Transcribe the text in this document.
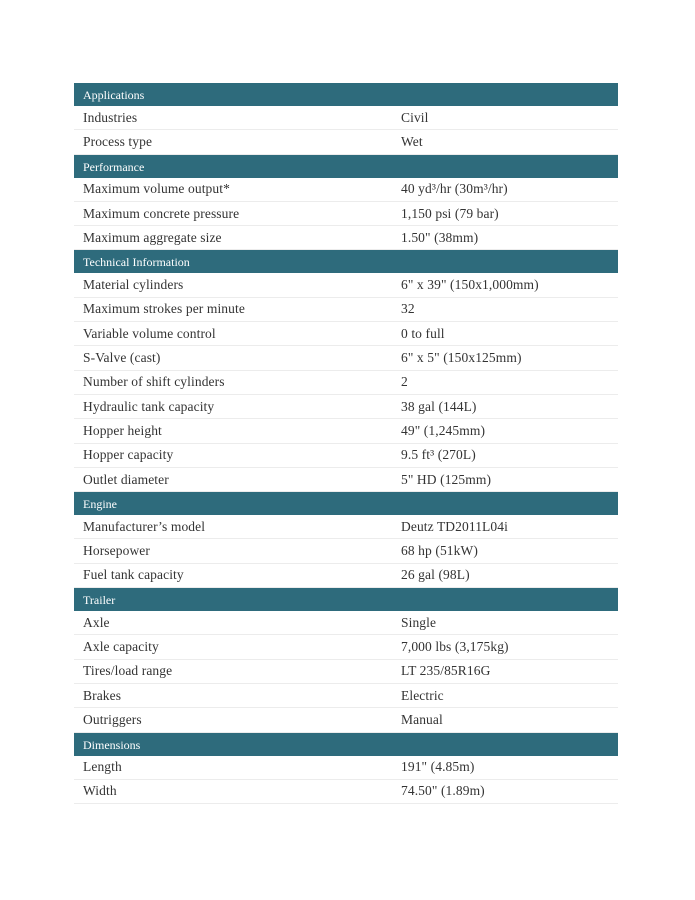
Applications
Industries	Civil
Process type	Wet
Performance
Maximum volume output*	40 yd³/hr (30m³/hr)
Maximum concrete pressure	1,150 psi (79 bar)
Maximum aggregate size	1.50" (38mm)
Technical Information
Material cylinders	6" x 39" (150x1,000mm)
Maximum strokes per minute	32
Variable volume control	0 to full
S-Valve (cast)	6" x 5" (150x125mm)
Number of shift cylinders	2
Hydraulic tank capacity	38 gal (144L)
Hopper height	49" (1,245mm)
Hopper capacity	9.5 ft³ (270L)
Outlet diameter	5" HD (125mm)
Engine
Manufacturer’s model	Deutz TD2011L04i
Horsepower	68 hp (51kW)
Fuel tank capacity	26 gal (98L)
Trailer
Axle	Single
Axle capacity	7,000 lbs (3,175kg)
Tires/load range	LT 235/85R16G
Brakes	Electric
Outriggers	Manual
Dimensions
Length	191" (4.85m)
Width	74.50" (1.89m)
